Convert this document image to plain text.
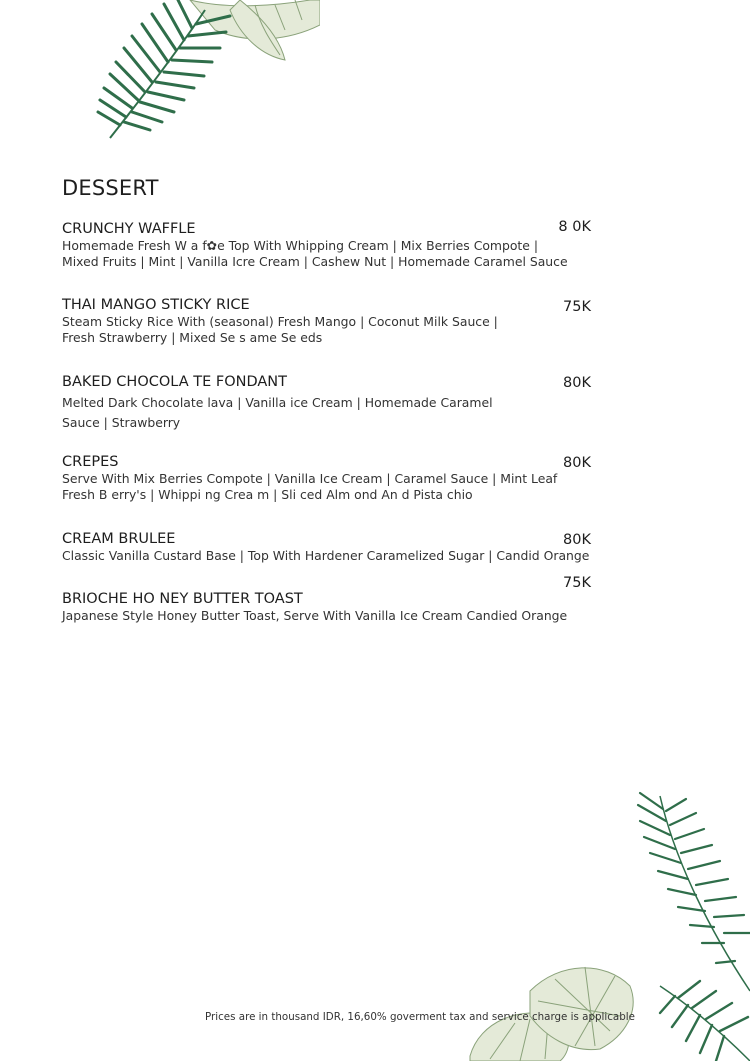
DESSERT
8 0K
CRUNCHY WAFFLE
Homemade Fresh W a f✿e Top With Whipping Cream | Mix Berries Compote |
Mixed Fruits | Mint | Vanilla Icre Cream | Cashew Nut | Homemade Caramel Sauce
75K
THAI MANGO STICKY RICE
Steam Sticky Rice With (seasonal) Fresh Mango | Coconut Milk Sauce |
Fresh Strawberry | Mixed Se s ame Se eds
80K
BAKED CHOCOLA TE FONDANT
Melted Dark Chocolate lava | Vanilla ice Cream | Homemade Caramel
Sauce | Strawberry
80K
CREPES
Serve With Mix Berries Compote | Vanilla Ice Cream | Caramel Sauce | Mint Leaf
Fresh B erry's | Whippi ng Crea m | Sli ced Alm ond An d Pista chio
80K
CREAM BRULEE
Classic Vanilla Custard Base | Top With Hardener Caramelized Sugar | Candid Orange
75K
BRIOCHE HO NEY BUTTER TOAST
Japanese Style Honey Butter Toast, Serve With Vanilla Ice Cream Candied Orange
Prices are in thousand IDR, 16,60% goverment tax and service charge is applicable
